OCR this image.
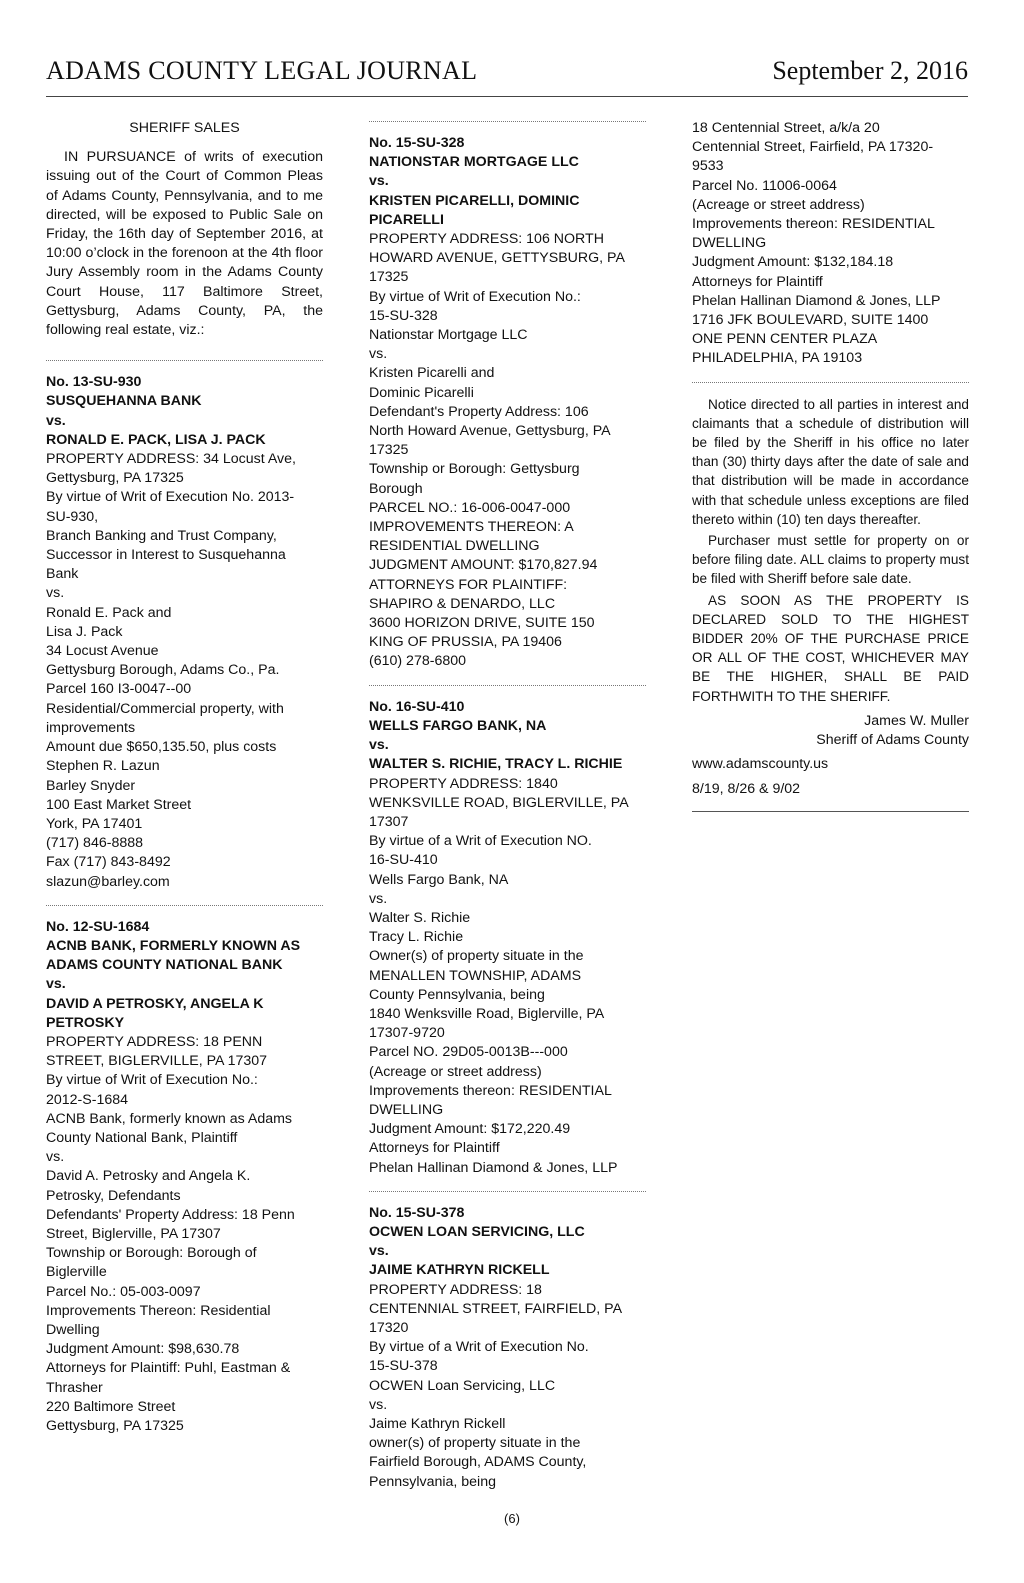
ADAMS COUNTY LEGAL JOURNAL	September 2, 2016
SHERIFF SALES
IN PURSUANCE of writs of execution issuing out of the Court of Common Pleas of Adams County, Pennsylvania, and to me directed, will be exposed to Public Sale on Friday, the 16th day of September 2016, at 10:00 o’clock in the forenoon at the 4th floor Jury Assembly room in the Adams County Court House, 117 Baltimore Street, Gettysburg, Adams County, PA, the following real estate, viz.:
No. 13-SU-930
SUSQUEHANNA BANK
vs.
RONALD E. PACK, LISA J. PACK
PROPERTY ADDRESS: 34 Locust Ave,
Gettysburg, PA 17325
By virtue of Writ of Execution No. 2013-
SU-930,
Branch Banking and Trust Company,
Successor in Interest to Susquehanna
Bank
vs.
Ronald E. Pack and
Lisa J. Pack
34 Locust Avenue
Gettysburg Borough, Adams Co., Pa.
Parcel 160 I3-0047--00
Residential/Commercial property, with
improvements
Amount due $650,135.50, plus costs
Stephen R. Lazun
Barley Snyder
100 East Market Street
York, PA 17401
(717) 846-8888
Fax (717) 843-8492
slazun@barley.com
No. 12-SU-1684
ACNB BANK, FORMERLY KNOWN AS
ADAMS COUNTY NATIONAL BANK
vs.
DAVID A PETROSKY, ANGELA K
PETROSKY
PROPERTY ADDRESS: 18 PENN
STREET, BIGLERVILLE, PA 17307
By virtue of Writ of Execution No.:
2012-S-1684
ACNB Bank, formerly known as Adams
County National Bank, Plaintiff
vs.
David A. Petrosky and Angela K.
Petrosky, Defendants
Defendants' Property Address: 18 Penn
Street, Biglerville, PA 17307
Township or Borough: Borough of
Biglerville
Parcel No.: 05-003-0097
Improvements Thereon: Residential
Dwelling
Judgment Amount: $98,630.78
Attorneys for Plaintiff: Puhl, Eastman &
Thrasher
220 Baltimore Street
Gettysburg, PA 17325
No. 15-SU-328
NATIONSTAR MORTGAGE LLC
vs.
KRISTEN PICARELLI, DOMINIC
PICARELLI
PROPERTY ADDRESS: 106 NORTH
HOWARD AVENUE, GETTYSBURG, PA
17325
By virtue of Writ of Execution No.:
15-SU-328
Nationstar Mortgage LLC
vs.
Kristen Picarelli and
Dominic Picarelli
Defendant's Property Address: 106
North Howard Avenue, Gettysburg, PA
17325
Township or Borough: Gettysburg
Borough
PARCEL NO.: 16-006-0047-000
IMPROVEMENTS THEREON: A
RESIDENTIAL DWELLING
JUDGMENT AMOUNT: $170,827.94
ATTORNEYS FOR PLAINTIFF:
SHAPIRO & DENARDO, LLC
3600 HORIZON DRIVE, SUITE 150
KING OF PRUSSIA, PA 19406
(610) 278-6800
No. 16-SU-410
WELLS FARGO BANK, NA
vs.
WALTER S. RICHIE, TRACY L. RICHIE
PROPERTY ADDRESS: 1840
WENKSVILLE ROAD, BIGLERVILLE, PA
17307
By virtue of a Writ of Execution NO.
16-SU-410
Wells Fargo Bank, NA
vs.
Walter S. Richie
Tracy L. Richie
Owner(s) of property situate in the
MENALLEN TOWNSHIP, ADAMS
County Pennsylvania, being
1840 Wenksville Road, Biglerville, PA
17307-9720
Parcel NO. 29D05-0013B---000
(Acreage or street address)
Improvements thereon: RESIDENTIAL
DWELLING
Judgment Amount: $172,220.49
Attorneys for Plaintiff
Phelan Hallinan Diamond & Jones, LLP
No. 15-SU-378
OCWEN LOAN SERVICING, LLC
vs.
JAIME KATHRYN RICKELL
PROPERTY ADDRESS: 18
CENTENNIAL STREET, FAIRFIELD, PA
17320
By virtue of a Writ of Execution No.
15-SU-378
OCWEN Loan Servicing, LLC
vs.
Jaime Kathryn Rickell
owner(s) of property situate in the
Fairfield Borough, ADAMS County,
Pennsylvania, being
18 Centennial Street, a/k/a 20
Centennial Street, Fairfield, PA 17320-
9533
Parcel No. 11006-0064
(Acreage or street address)
Improvements thereon: RESIDENTIAL
DWELLING
Judgment Amount: $132,184.18
Attorneys for Plaintiff
Phelan Hallinan Diamond & Jones, LLP
1716 JFK BOULEVARD, SUITE 1400
ONE PENN CENTER PLAZA
PHILADELPHIA, PA 19103

Notice directed to all parties in interest and claimants that a schedule of distribution will be filed by the Sheriff in his office no later than (30) thirty days after the date of sale and that distribution will be made in accordance with that schedule unless exceptions are filed thereto within (10) ten days thereafter.

Purchaser must settle for property on or before filing date. ALL claims to property must be filed with Sheriff before sale date.

AS SOON AS THE PROPERTY IS DECLARED SOLD TO THE HIGHEST BIDDER 20% OF THE PURCHASE PRICE OR ALL OF THE COST, WHICHEVER MAY BE THE HIGHER, SHALL BE PAID FORTHWITH TO THE SHERIFF.

James W. Muller
Sheriff of Adams County
www.adamscounty.us
8/19, 8/26 & 9/02
(6)
